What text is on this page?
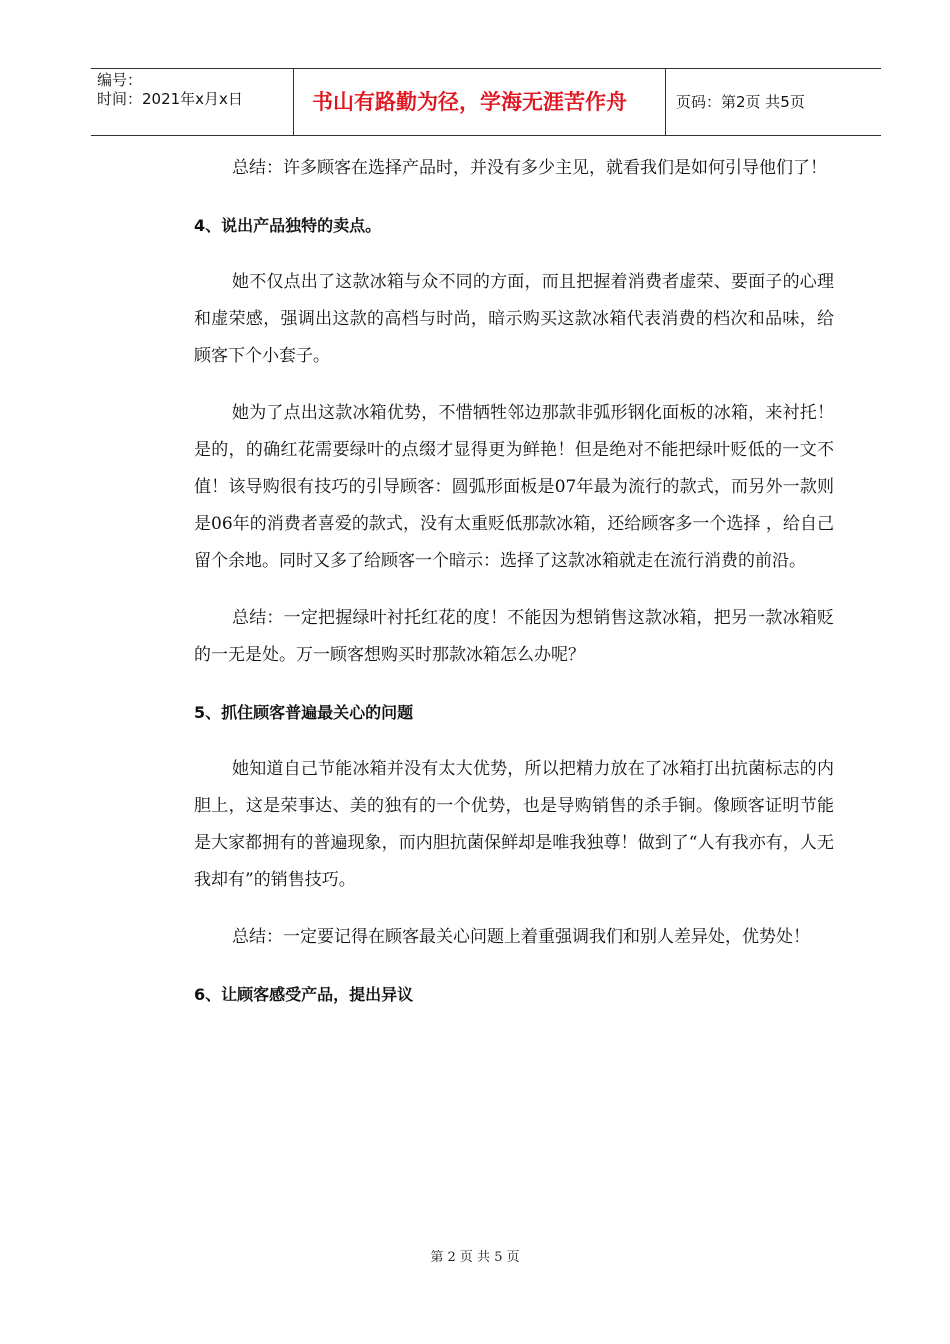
编号：
时间：2021年x月x日	书山有路勤为径，学海无涯苦作舟	页码：第2页 共5页

总结：许多顾客在选择产品时，并没有多少主见，就看我们是如何引导他们了！

4、说出产品独特的卖点。

她不仅点出了这款冰箱与众不同的方面，而且把握着消费者虚荣、要面子的心理和虚荣感，强调出这款的高档与时尚，暗示购买这款冰箱代表消费的档次和品味，给顾客下个小套子。

她为了点出这款冰箱优势，不惜牺牲邻边那款非弧形钢化面板的冰箱，来衬托！是的，的确红花需要绿叶的点缀才显得更为鲜艳！但是绝对不能把绿叶贬低的一文不值！该导购很有技巧的引导顾客：圆弧形面板是07年最为流行的款式，而另外一款则是06年的消费者喜爱的款式，没有太重贬低那款冰箱，还给顾客多一个选择 ，给自己留个余地。同时又多了给顾客一个暗示：选择了这款冰箱就走在流行消费的前沿。

总结：一定把握绿叶衬托红花的度！不能因为想销售这款冰箱，把另一款冰箱贬的一无是处。万一顾客想购买时那款冰箱怎么办呢？

5、抓住顾客普遍最关心的问题

她知道自己节能冰箱并没有太大优势，所以把精力放在了冰箱打出抗菌标志的内胆上，这是荣事达、美的独有的一个优势，也是导购销售的杀手锏。像顾客证明节能是大家都拥有的普遍现象，而内胆抗菌保鲜却是唯我独尊！做到了“人有我亦有，人无我却有”的销售技巧。

总结：一定要记得在顾客最关心问题上着重强调我们和别人差异处，优势处！

6、让顾客感受产品，提出异议

第 2 页 共 5 页
